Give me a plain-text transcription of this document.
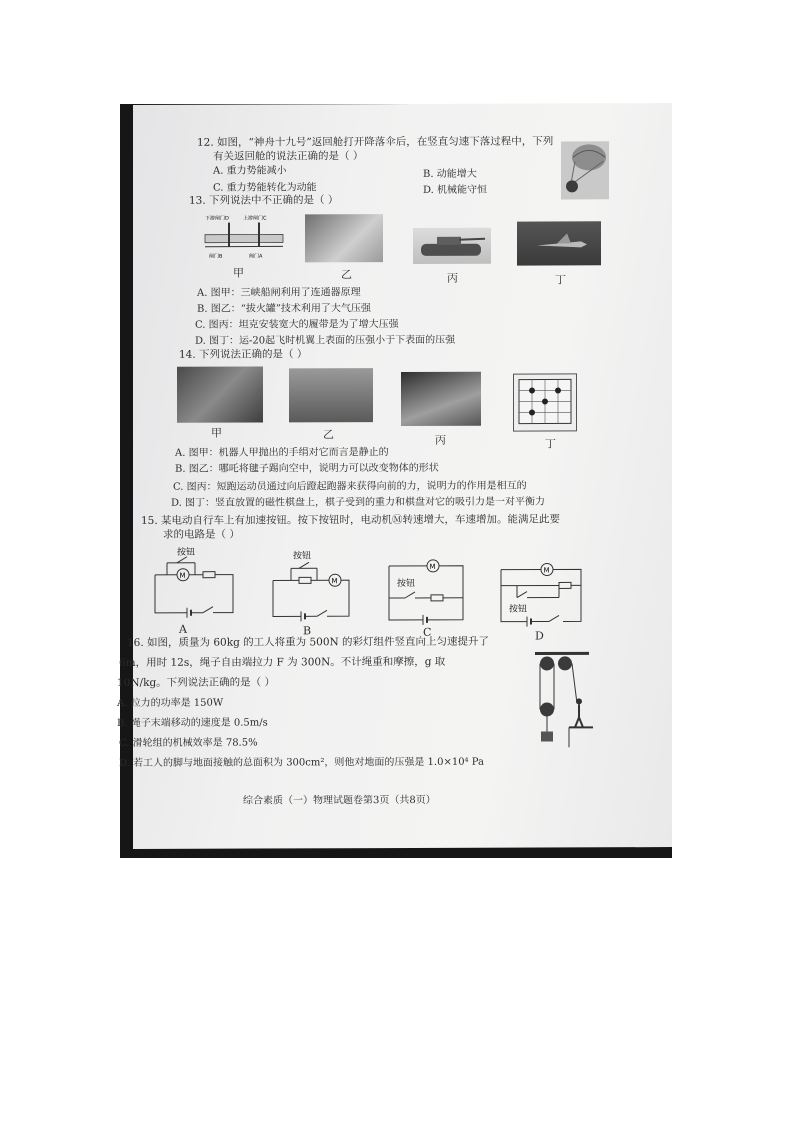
12. 如图，“神舟十九号”返回舱打开降落伞后，在竖直匀速下落过程中，下列
有关返回舱的说法正确的是（ ）
A. 重力势能减小	B. 动能增大
C. 重力势能转化为动能	D. 机械能守恒
13. 下列说法中不正确的是（ ）
下游闸门D	上游闸门C
闸门B	阀门A
甲	乙	丙	丁
A. 图甲：三峡船闸利用了连通器原理
B. 图乙：“拔火罐”技术利用了大气压强
C. 图丙：坦克安装宽大的履带是为了增大压强
D. 图丁：运-20起飞时机翼上表面的压强小于下表面的压强
14. 下列说法正确的是（ ）
甲	乙	丙	丁
A. 图甲：机器人甲抛出的手绢对它而言是静止的
B. 图乙：哪吒将毽子踢向空中，说明力可以改变物体的形状
C. 图丙：短跑运动员通过向后蹬起跑器来获得向前的力，说明力的作用是相互的
D. 图丁：竖直放置的磁性棋盘上，棋子受到的重力和棋盘对它的吸引力是一对平衡力
15. 某电动自行车上有加速按钮。按下按钮时，电动机Ⓜ转速增大，车速增加。能满足此要
求的电路是（ ）
按钮
M
按钮
M
M
按钮
M
按钮
A	B	C	D
16. 如图，质量为 60kg 的工人将重为 500N 的彩灯组件竖直向上匀速提升了
6m，用时 12s，绳子自由端拉力 F 为 300N。不计绳重和摩擦，g 取
10N/kg。下列说法正确的是（ ）
A. 拉力的功率是 150W
B. 绳子末端移动的速度是 0.5m/s
C. 滑轮组的机械效率是 78.5%
D. 若工人的脚与地面接触的总面积为 300cm²，则他对地面的压强是 1.0×10⁴ Pa
综合素质（一）物理试题卷第3页（共8页）
